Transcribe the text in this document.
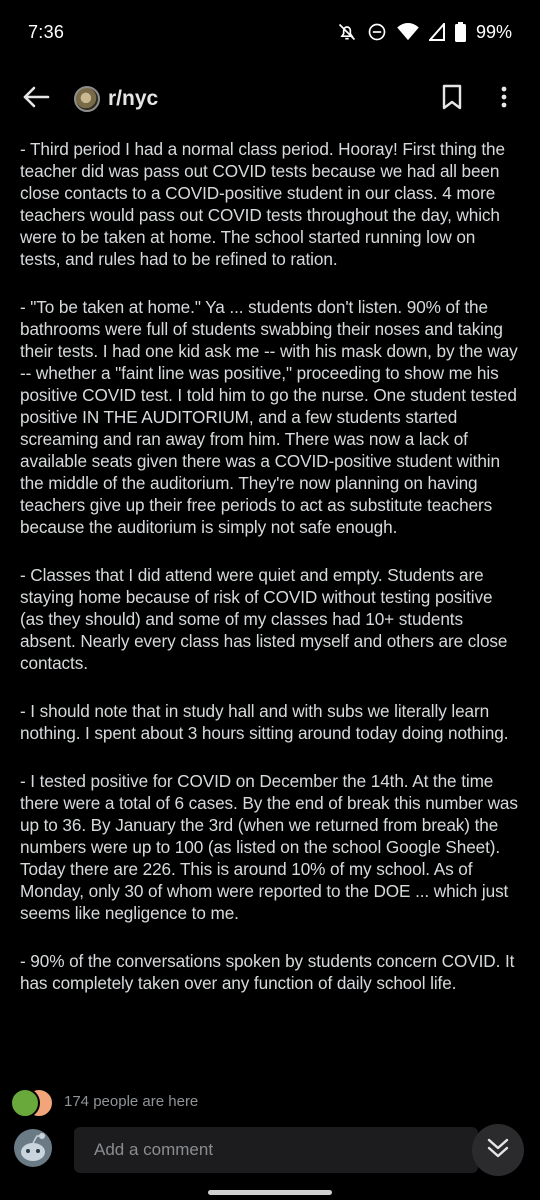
7:36	99%
r/nyc

- Third period I had a normal class period. Hooray! First thing the teacher did was pass out COVID tests because we had all been close contacts to a COVID-positive student in our class. 4 more teachers would pass out COVID tests throughout the day, which were to be taken at home. The school started running low on tests, and rules had to be refined to ration.

- "To be taken at home." Ya ... students don't listen. 90% of the bathrooms were full of students swabbing their noses and taking their tests. I had one kid ask me -- with his mask down, by the way -- whether a "faint line was positive," proceeding to show me his positive COVID test. I told him to go the nurse. One student tested positive IN THE AUDITORIUM, and a few students started screaming and ran away from him. There was now a lack of available seats given there was a COVID-positive student within the middle of the auditorium. They're now planning on having teachers give up their free periods to act as substitute teachers because the auditorium is simply not safe enough.

- Classes that I did attend were quiet and empty. Students are staying home because of risk of COVID without testing positive (as they should) and some of my classes had 10+ students absent. Nearly every class has listed myself and others are close contacts.

- I should note that in study hall and with subs we literally learn nothing. I spent about 3 hours sitting around today doing nothing.

- I tested positive for COVID on December the 14th. At the time there were a total of 6 cases. By the end of break this number was up to 36. By January the 3rd (when we returned from break) the numbers were up to 100 (as listed on the school Google Sheet). Today there are 226. This is around 10% of my school. As of Monday, only 30 of whom were reported to the DOE ... which just seems like negligence to me.

- 90% of the conversations spoken by students concern COVID. It has completely taken over any function of daily school life.

174 people are here
Add a comment
